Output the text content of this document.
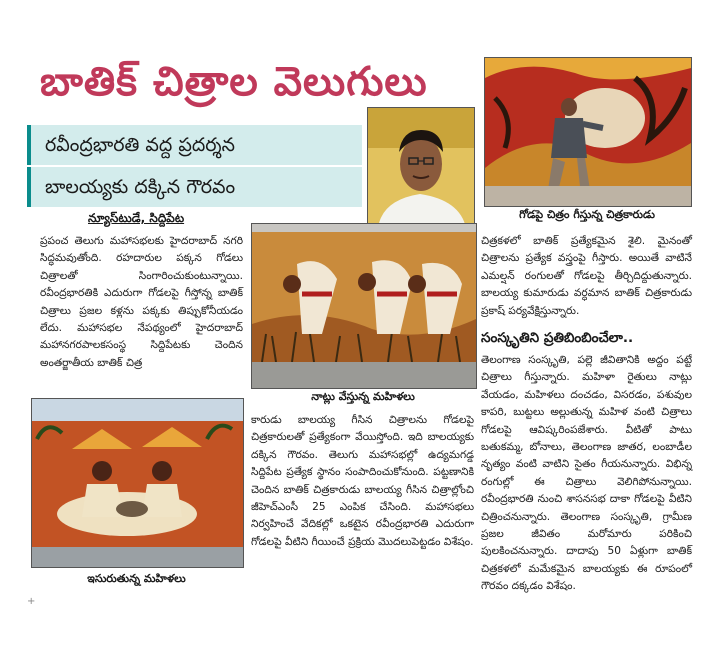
బాతిక్ చిత్రాల వెలుగులు
రవీంద్రభారతి వద్ద ప్రదర్శన
బాలయ్యకు దక్కిన గౌరవం
గోడపై చిత్రం గీస్తున్న చిత్రకారుడు
న్యూస్‌టుడే, సిద్దిపేట
ప్రపంచ తెలుగు మహాసభలకు హైదరాబాద్ నగరి సిద్ధమవుతోంది. రహదారుల పక్కన గోడలు చిత్రాలతో సింగారించుకుంటున్నాయి. రవీంద్రభారతికి ఎదురుగా గోడలపై గీస్తోన్న బాతిక్ చిత్రాలు ప్రజల కళ్లను పక్కకు తిప్పుకోనీయడం లేదు. మహాసభల నేపథ్యంలో హైదరాబాద్ మహానగరపాలకసంస్థ సిద్దిపేటకు చెందిన అంతర్జాతీయ బాతిక్ చిత్ర
నాట్లు వేస్తున్న మహిళలు
చిత్రకళలో బాతిక్ ప్రత్యేకమైన శైలి. మైనంతో చిత్రాలను ప్రత్యేక వస్త్రంపై గీస్తారు. అయితే వాటినే ఎమల్షన్ రంగులతో గోడలపై తీర్చిదిద్దుతున్నారు. బాలయ్య కుమారుడు వర్ధమాన బాతిక్ చిత్రకారుడు ప్రకాష్ పర్యవేక్షిస్తున్నారు.
సంస్కృతిని ప్రతిబింబించేలా..
తెలంగాణ సంస్కృతి, పల్లె జీవితానికి అద్దం పట్టే చిత్రాలు గీస్తున్నారు. మహిళా రైతులు నాట్లు వేయడం, మహిళలు దంచడం, విసరడం, పశువుల కాపరి, బుట్టలు అల్లుతున్న మహిళ వంటి చిత్రాలు గోడలపై ఆవిష్కరింపజేశారు. వీటితో పాటు బతుకమ్మ, బోనాలు, తెలంగాణ జాతర, లంబాడీల నృత్యం వంటి వాటిని సైతం గీయనున్నారు. విభిన్న రంగుల్లో ఈ చిత్రాలు వెలిగిపోనున్నాయి. రవీంద్రభారతి నుంచి శాసనసభ దాకా గోడలపై వీటిని చిత్రించనున్నారు. తెలంగాణ సంస్కృతి, గ్రామీణ ప్రజల జీవితం మరోమారు పరికించి పులకించనున్నారు. దాదాపు 50 ఏళ్లుగా బాతిక్ చిత్రకళలో మమేకమైన బాలయ్యకు ఈ రూపంలో గౌరవం దక్కడం విశేషం.
ఇసురుతున్న మహిళలు
కారుడు బాలయ్య గీసిన చిత్రాలను గోడలపై చిత్రకారులతో ప్రత్యేకంగా వేయిస్తోంది. ఇది బాలయ్యకు దక్కిన గౌరవం. తెలుగు మహాసభల్లో ఉద్యమగడ్డ సిద్దిపేట ప్రత్యేక స్థానం సంపాదించుకోనుంది. పట్టణానికి చెందిన బాతిక్ చిత్రకారుడు బాలయ్య గీసిన చిత్రాల్లోంచి జీహెచ్ఎంసీ 25 ఎంపిక చేసింది. మహాసభలు నిర్వహించే వేదికల్లో ఒకటైన రవీంద్రభారతి ఎదురుగా గోడలపై వీటిని గీయించే ప్రక్రియ మొదలుపెట్టడం విశేషం.
+
